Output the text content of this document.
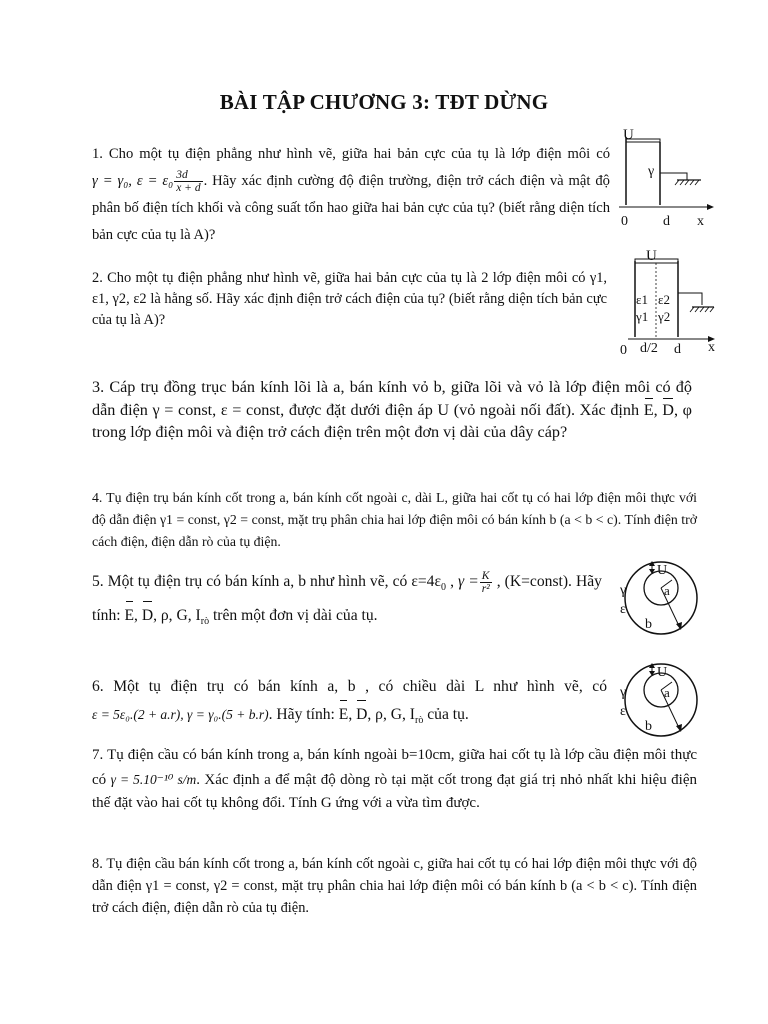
BÀI TẬP CHƯƠNG 3: TĐT DỪNG

1. Cho một tụ điện phẳng như hình vẽ, giữa hai bản cực của tụ là lớp điện môi có γ = γ₀, $\varepsilon = \varepsilon_0 \frac{3d}{x + d}$ . Hãy xác định cường độ điện trường, điện trở cách điện và mật độ phân bố điện tích khối và công suất tổn hao giữa hai bản cực của tụ? (biết rằng diện tích bản cực của tụ là A)?

2. Cho một tụ điện phẳng như hình vẽ, giữa hai bản cực của tụ là 2 lớp điện môi có γ1, ε1, γ2, ε2 là hằng số. Hãy xác định điện trở cách điện của tụ? (biết rằng diện tích bản cực của tụ là A)?

3. Cáp trụ đồng trục bán kính lõi là a, bán kính vỏ b, giữa lõi và vỏ là lớp điện môi có độ dẫn điện γ = const, ε = const, được đặt dưới điện áp U (vỏ ngoài nối đất). Xác định E, D, φ trong lớp điện môi và điện trở cách điện trên một đơn vị dài của dây cáp?

4. Tụ điện trụ bán kính cốt trong a, bán kính cốt ngoài c, dài L, giữa hai cốt tụ có hai lớp điện môi thực với độ dẫn điện γ1 = const, γ2 = const, mặt trụ phân chia hai lớp điện môi có bán kính b (a < b < c). Tính điện trở cách điện, điện dẫn rò của tụ điện.

5. Một tụ điện trụ có bán kính a, b như hình vẽ, có $\varepsilon=4\varepsilon_0$ , $\gamma = \frac{K}{\text{r²}}$ , (K=const). Hãy tính: E, D, ρ, G, $I_{rò}$ trên một đơn vị dài của tụ.

6. Một tụ điện trụ có bán kính a, b , có chiều dài L như hình vẽ, có ε = 5ε₀.(2 + a.r), γ = γ₀.(5 + b.r). Hãy tính: E, D, ρ, G, $I_{rò}$ của tụ.

7. Tụ điện cầu có bán kính trong a, bán kính ngoài b=10cm, giữa hai cốt tụ là lớp cầu điện môi thực có γ = 5.10⁻¹⁰ s/m. Xác định a để mật độ dòng rò tại mặt cốt trong đạt giá trị nhỏ nhất khi hiệu điện thế đặt vào hai cốt tụ không đổi. Tính G ứng với a vừa tìm được.

8. Tụ điện cầu bán kính cốt trong a, bán kính cốt ngoài c, giữa hai cốt tụ có hai lớp điện môi thực với độ dẫn điện γ1 = const, γ2 = const, mặt trụ phân chia hai lớp điện môi có bán kính b (a < b < c). Tính điện trở cách điện, điện dẫn rò của tụ điện.

U
γ
0	d x
U
ε1 ε2
γ1 γ2
0 d/2 d x
U
γ
ε
a
b
U
γ
ε
a
b
